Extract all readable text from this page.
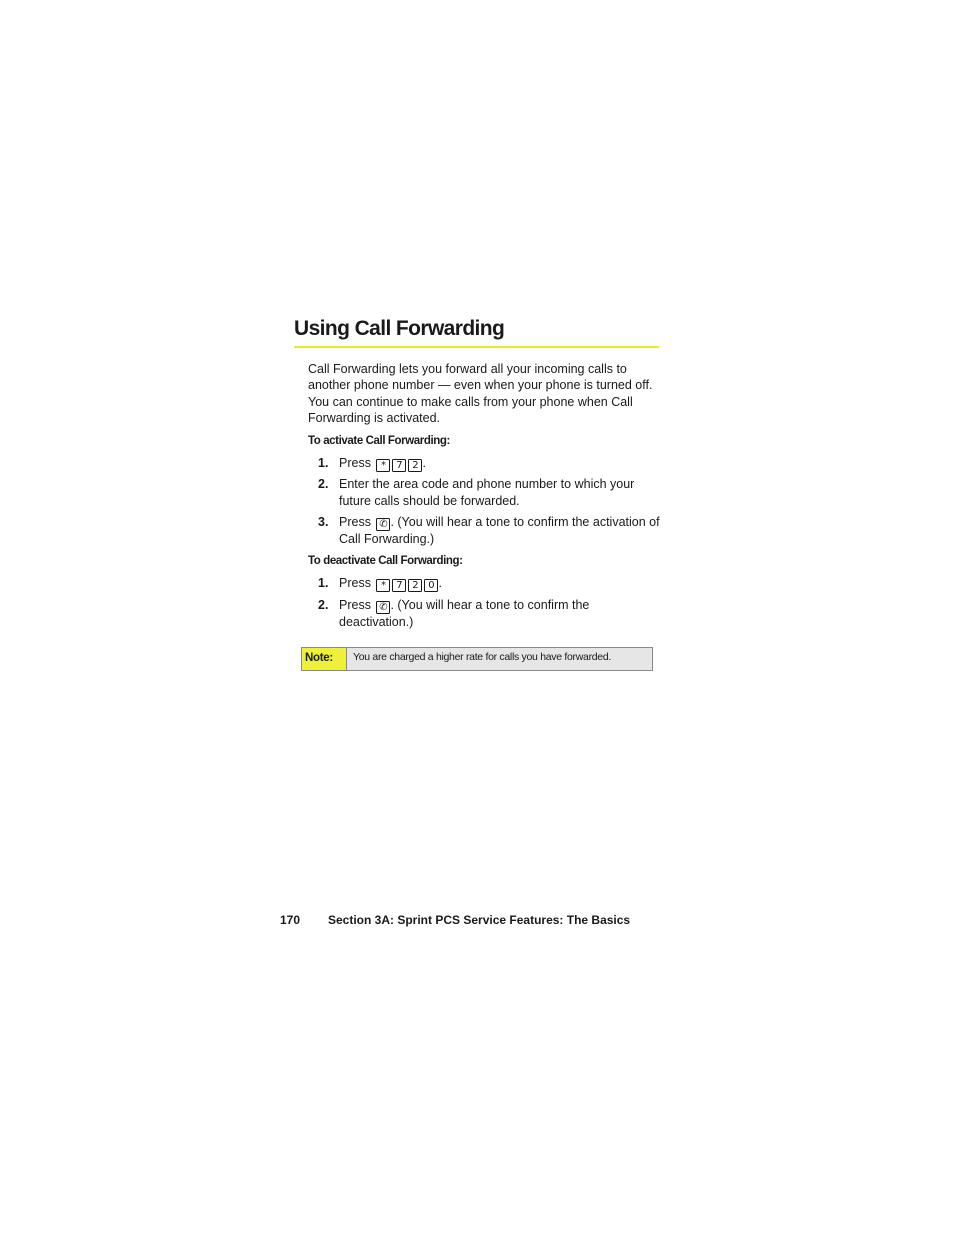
Using Call Forwarding

Call Forwarding lets you forward all your incoming calls to another phone number — even when your phone is turned off. You can continue to make calls from your phone when Call Forwarding is activated.

To activate Call Forwarding:
1. Press * 7 2 .
2. Enter the area code and phone number to which your future calls should be forwarded.
3. Press ✆ . (You will hear a tone to confirm the activation of Call Forwarding.)
To deactivate Call Forwarding:
1. Press * 7 2 0 .
2. Press ✆ . (You will hear a tone to confirm the deactivation.)
Note:	You are charged a higher rate for calls you have forwarded.
170 Section 3A: Sprint PCS Service Features: The Basics
